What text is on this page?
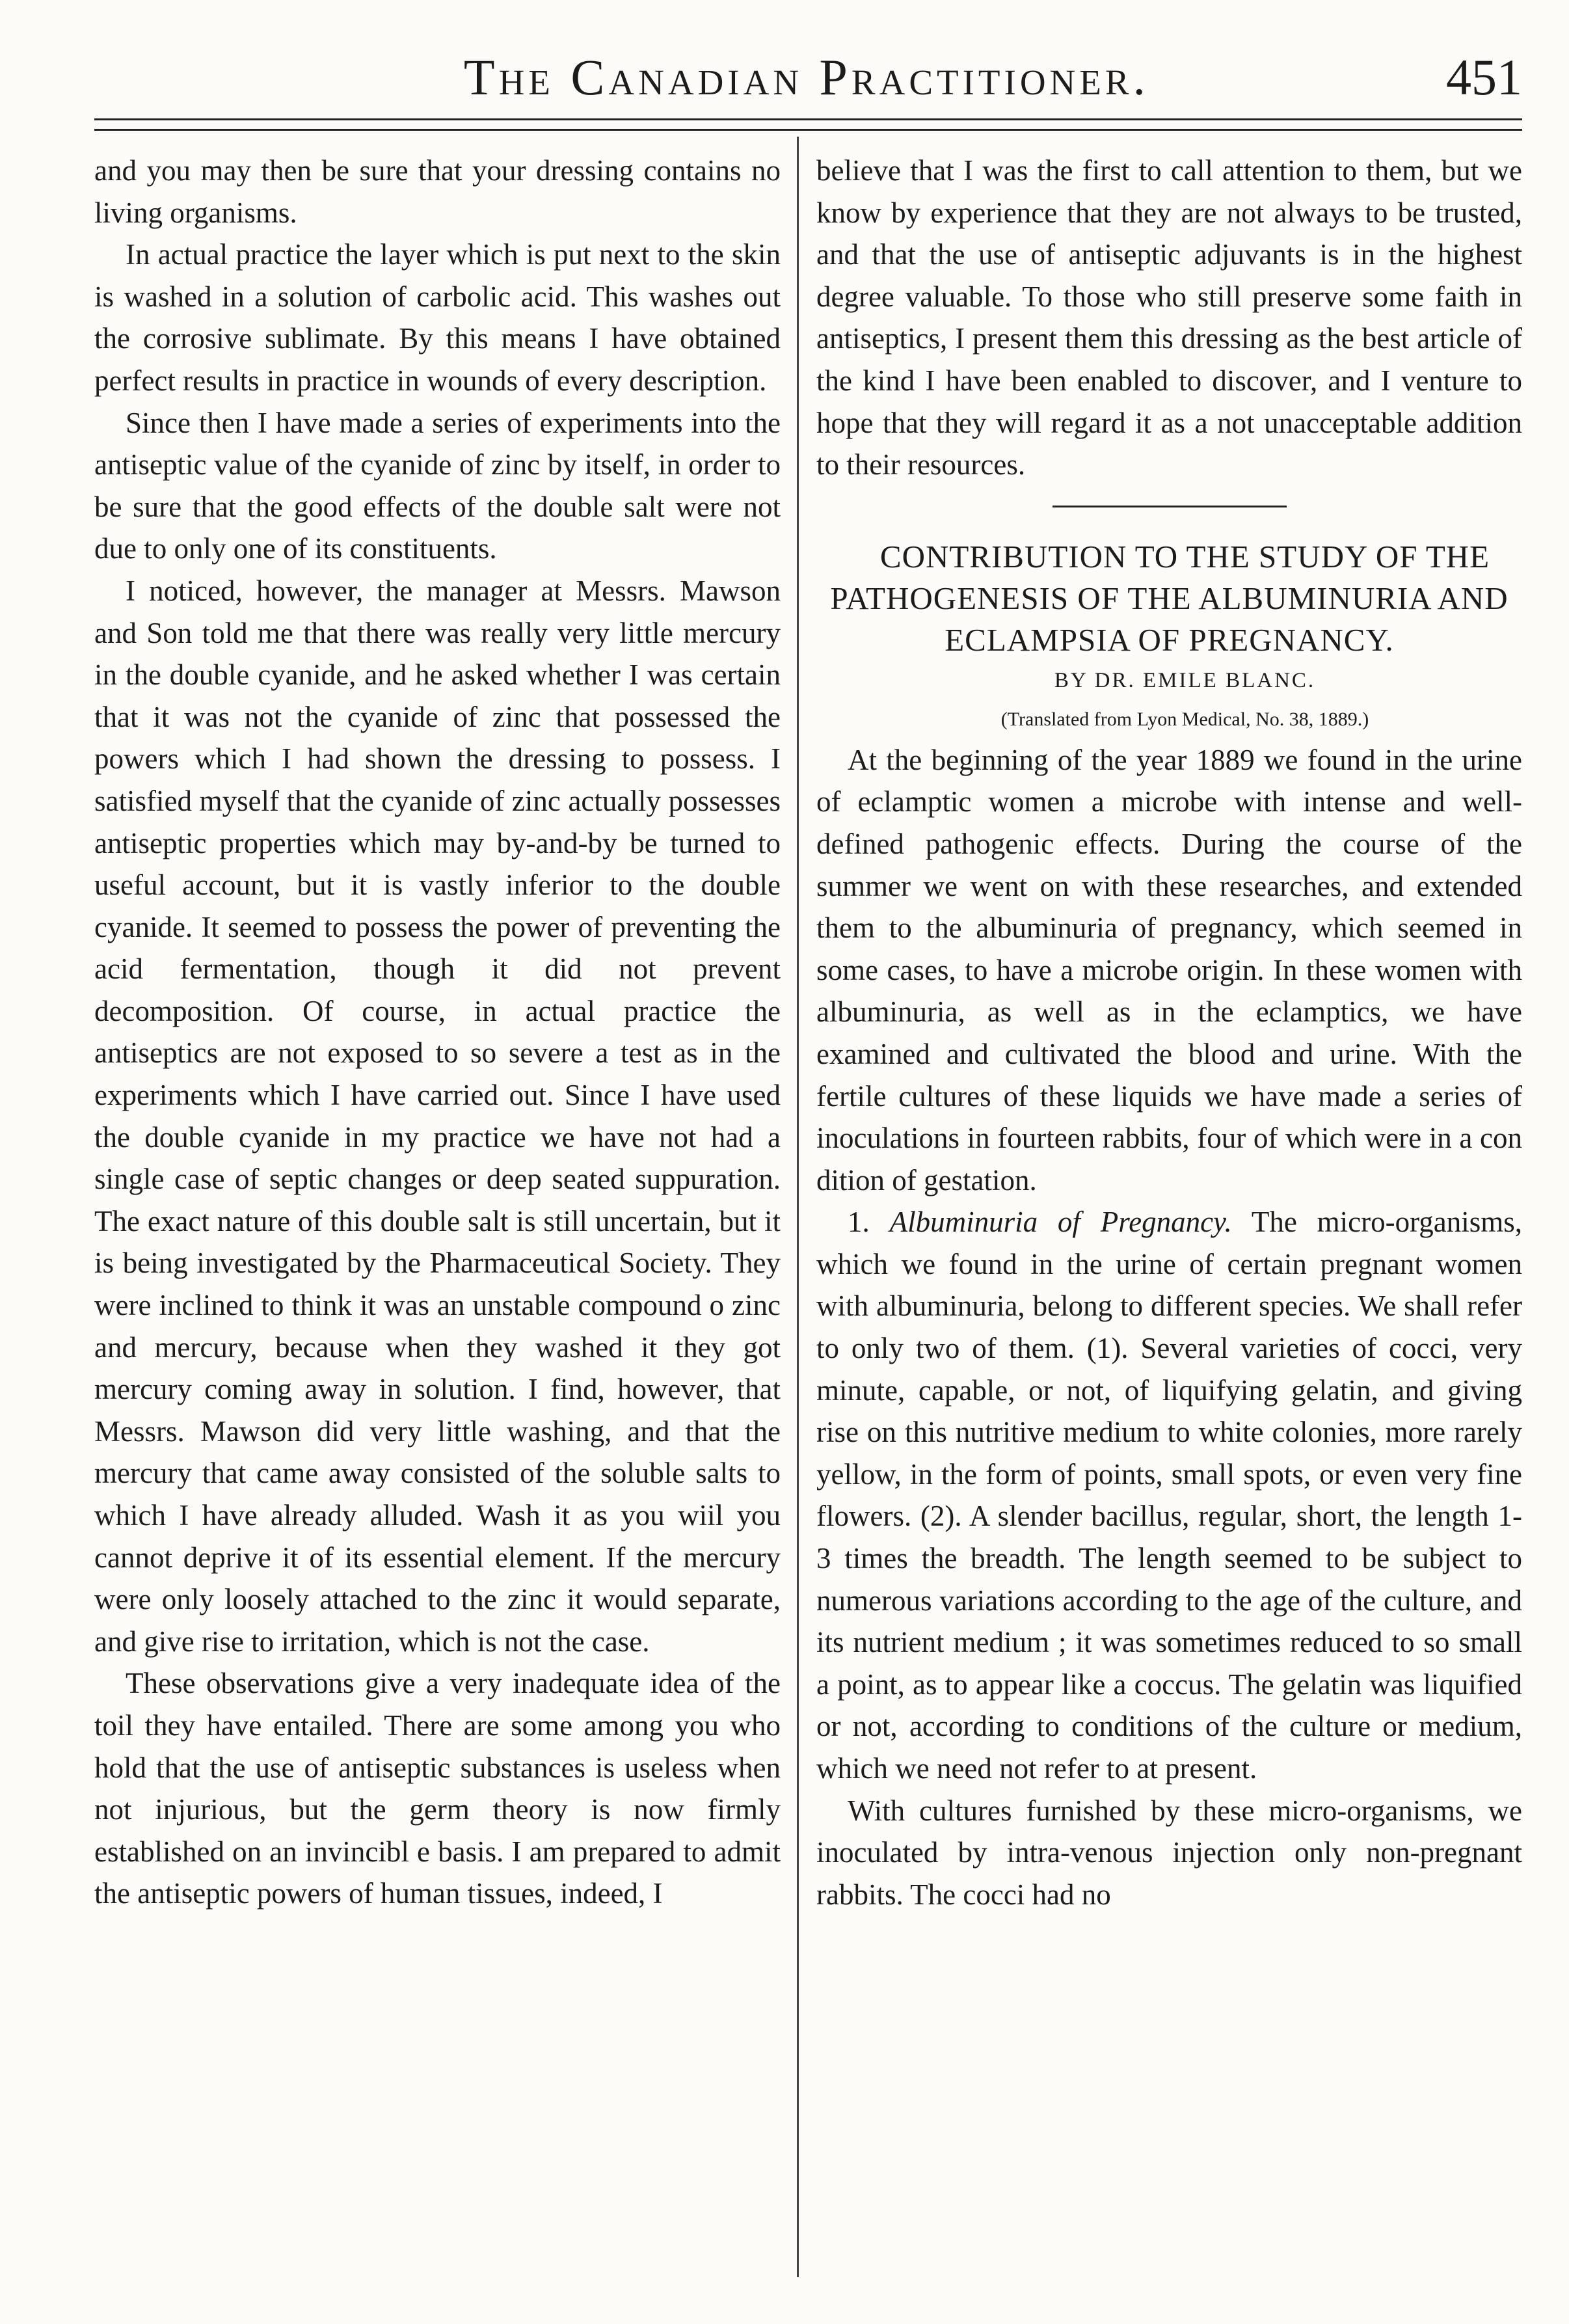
The Canadian Practitioner.	451

and you may then be sure that your dressing contains no living organisms.

In actual practice the layer which is put next to the skin is washed in a solution of carbolic acid. This washes out the corrosive sublimate. By this means I have obtained perfect results in practice in wounds of every description.

Since then I have made a series of experiments into the antiseptic value of the cyanide of zinc by itself, in order to be sure that the good effects of the double salt were not due to only one of its constituents.

I noticed, however, the manager at Messrs. Mawson and Son told me that there was really very little mercury in the double cyanide, and he asked whether I was certain that it was not the cyanide of zinc that possessed the powers which I had shown the dressing to possess. I satisfied myself that the cyanide of zinc actually possesses antiseptic properties which may by-and-by be turned to useful account, but it is vastly inferior to the double cyanide. It seemed to possess the power of preventing the acid fermentation, though it did not prevent decomposition. Of course, in actual practice the antiseptics are not exposed to so severe a test as in the experiments which I have carried out. Since I have used the double cyanide in my practice we have not had a single case of septic changes or deep seated suppuration. The exact nature of this double salt is still uncertain, but it is being investigated by the Pharmaceutical Society. They were inclined to think it was an unstable compound o zinc and mercury, because when they washed it they got mercury coming away in solution. I find, however, that Messrs. Mawson did very little washing, and that the mercury that came away consisted of the soluble salts to which I have already alluded. Wash it as you wiil you cannot deprive it of its essential element. If the mercury were only loosely attached to the zinc it would separate, and give rise to irritation, which is not the case.

These observations give a very inadequate idea of the toil they have entailed. There are some among you who hold that the use of antiseptic substances is useless when not injurious, but the germ theory is now firmly established on an invincibl e basis. I am prepared to admit the antiseptic powers of human tissues, indeed, I

believe that I was the first to call attention to them, but we know by experience that they are not always to be trusted, and that the use of antiseptic adjuvants is in the highest degree valuable. To those who still preserve some faith in antiseptics, I present them this dressing as the best article of the kind I have been enabled to discover, and I venture to hope that they will regard it as a not unacceptable addition to their resources.

CONTRIBUTION TO THE STUDY OF THE PATHOGENESIS OF THE ALBUMINURIA AND ECLAMPSIA OF PREGNANCY.

BY DR. EMILE BLANC.

(Translated from Lyon Medical, No. 38, 1889.)

At the beginning of the year 1889 we found in the urine of eclamptic women a microbe with intense and well-defined pathogenic effects. During the course of the summer we went on with these researches, and extended them to the albuminuria of pregnancy, which seemed in some cases, to have a microbe origin. In these women with albuminuria, as well as in the eclamptics, we have examined and cultivated the blood and urine. With the fertile cultures of these liquids we have made a series of inoculations in fourteen rabbits, four of which were in a con dition of gestation.

1. Albuminuria of Pregnancy. The micro-organisms, which we found in the urine of certain pregnant women with albuminuria, belong to different species. We shall refer to only two of them. (1). Several varieties of cocci, very minute, capable, or not, of liquifying gelatin, and giving rise on this nutritive medium to white colonies, more rarely yellow, in the form of points, small spots, or even very fine flowers. (2). A slender bacillus, regular, short, the length 1-3 times the breadth. The length seemed to be subject to numerous variations according to the age of the culture, and its nutrient medium ; it was sometimes reduced to so small a point, as to appear like a coccus. The gelatin was liquified or not, according to conditions of the culture or medium, which we need not refer to at present.

With cultures furnished by these micro-organisms, we inoculated by intra-venous injection only non-pregnant rabbits. The cocci had no
